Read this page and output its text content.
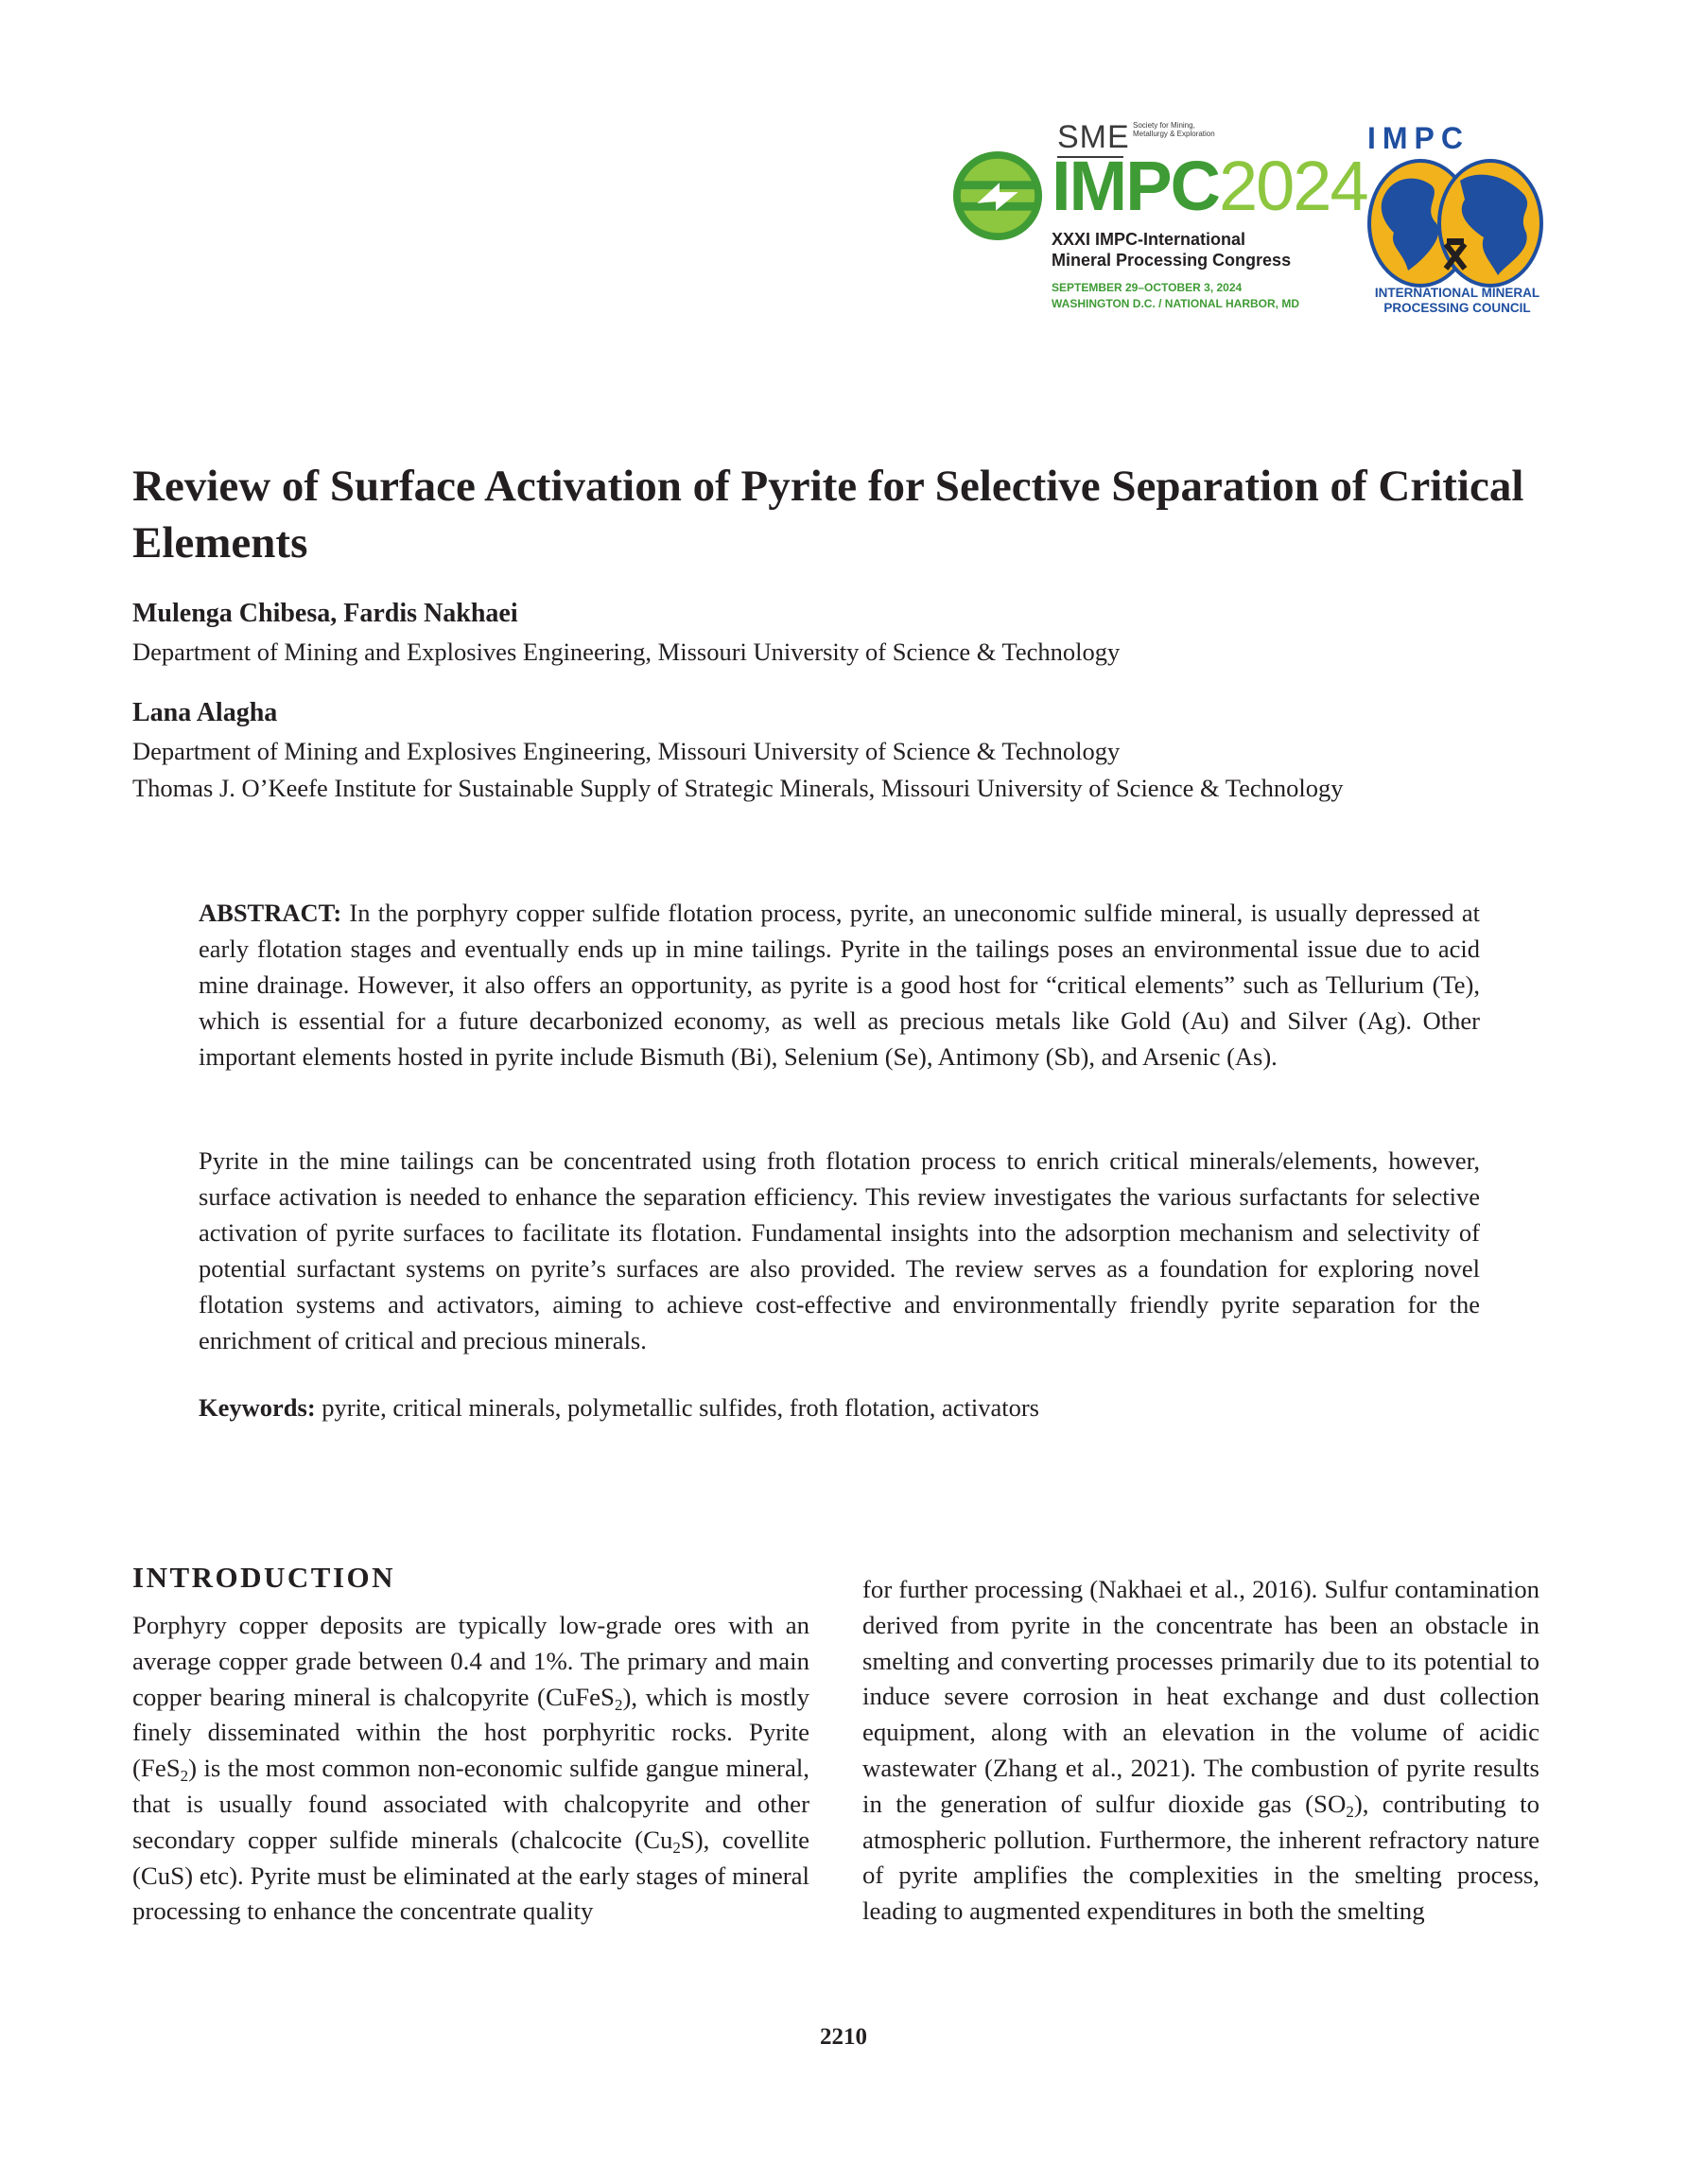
SME Society for Mining, Metallurgy & Exploration
IMPC2024
XXXI IMPC-International
Mineral Processing Congress
SEPTEMBER 29–OCTOBER 3, 2024
WASHINGTON D.C. / NATIONAL HARBOR, MD
IMPC
INTERNATIONAL MINERAL
PROCESSING COUNCIL
Review of Surface Activation of Pyrite for Selective Separation of Critical Elements

Mulenga Chibesa, Fardis Nakhaei

Department of Mining and Explosives Engineering, Missouri University of Science & Technology

Lana Alagha

Department of Mining and Explosives Engineering, Missouri University of Science & Technology

Thomas J. O’Keefe Institute for Sustainable Supply of Strategic Minerals, Missouri University of Science & Technology

ABSTRACT: In the porphyry copper sulfide flotation process, pyrite, an uneconomic sulfide mineral, is usually depressed at early flotation stages and eventually ends up in mine tailings. Pyrite in the tailings poses an environmental issue due to acid mine drainage. However, it also offers an opportunity, as pyrite is a good host for “critical elements” such as Tellurium (Te), which is essential for a future decarbonized economy, as well as precious metals like Gold (Au) and Silver (Ag). Other important elements hosted in pyrite include Bismuth (Bi), Selenium (Se), Antimony (Sb), and Arsenic (As).

Pyrite in the mine tailings can be concentrated using froth flotation process to enrich critical minerals/elements, however, surface activation is needed to enhance the separation efficiency. This review investigates the various surfactants for selective activation of pyrite surfaces to facilitate its flotation. Fundamental insights into the adsorption mechanism and selectivity of potential surfactant systems on pyrite’s surfaces are also provided. The review serves as a foundation for exploring novel flotation systems and activators, aiming to achieve cost-effective and environmentally friendly pyrite separation for the enrichment of critical and precious minerals.

Keywords: pyrite, critical minerals, polymetallic sulfides, froth flotation, activators

INTRODUCTION

Porphyry copper deposits are typically low-grade ores with an average copper grade between 0.4 and 1%. The primary and main copper bearing mineral is chalcopyrite (CuFeS$_2$), which is mostly finely disseminated within the host porphyritic rocks. Pyrite (FeS$_2$) is the most common non-economic sulfide gangue mineral, that is usually found associated with chalcopyrite and other secondary copper sulfide minerals (chalcocite $(Cu_2S)$, covellite (CuS) etc). Pyrite must be eliminated at the early stages of mineral processing to enhance the concentrate quality

for further processing (Nakhaei et al., 2016). Sulfur contamination derived from pyrite in the concentrate has been an obstacle in smelting and converting processes primarily due to its potential to induce severe corrosion in heat exchange and dust collection equipment, along with an elevation in the volume of acidic wastewater (Zhang et al., 2021). The combustion of pyrite results in the generation of sulfur dioxide gas $(SO_2)$, contributing to atmospheric pollution. Furthermore, the inherent refractory nature of pyrite amplifies the complexities in the smelting process, leading to augmented expenditures in both the smelting

2210
